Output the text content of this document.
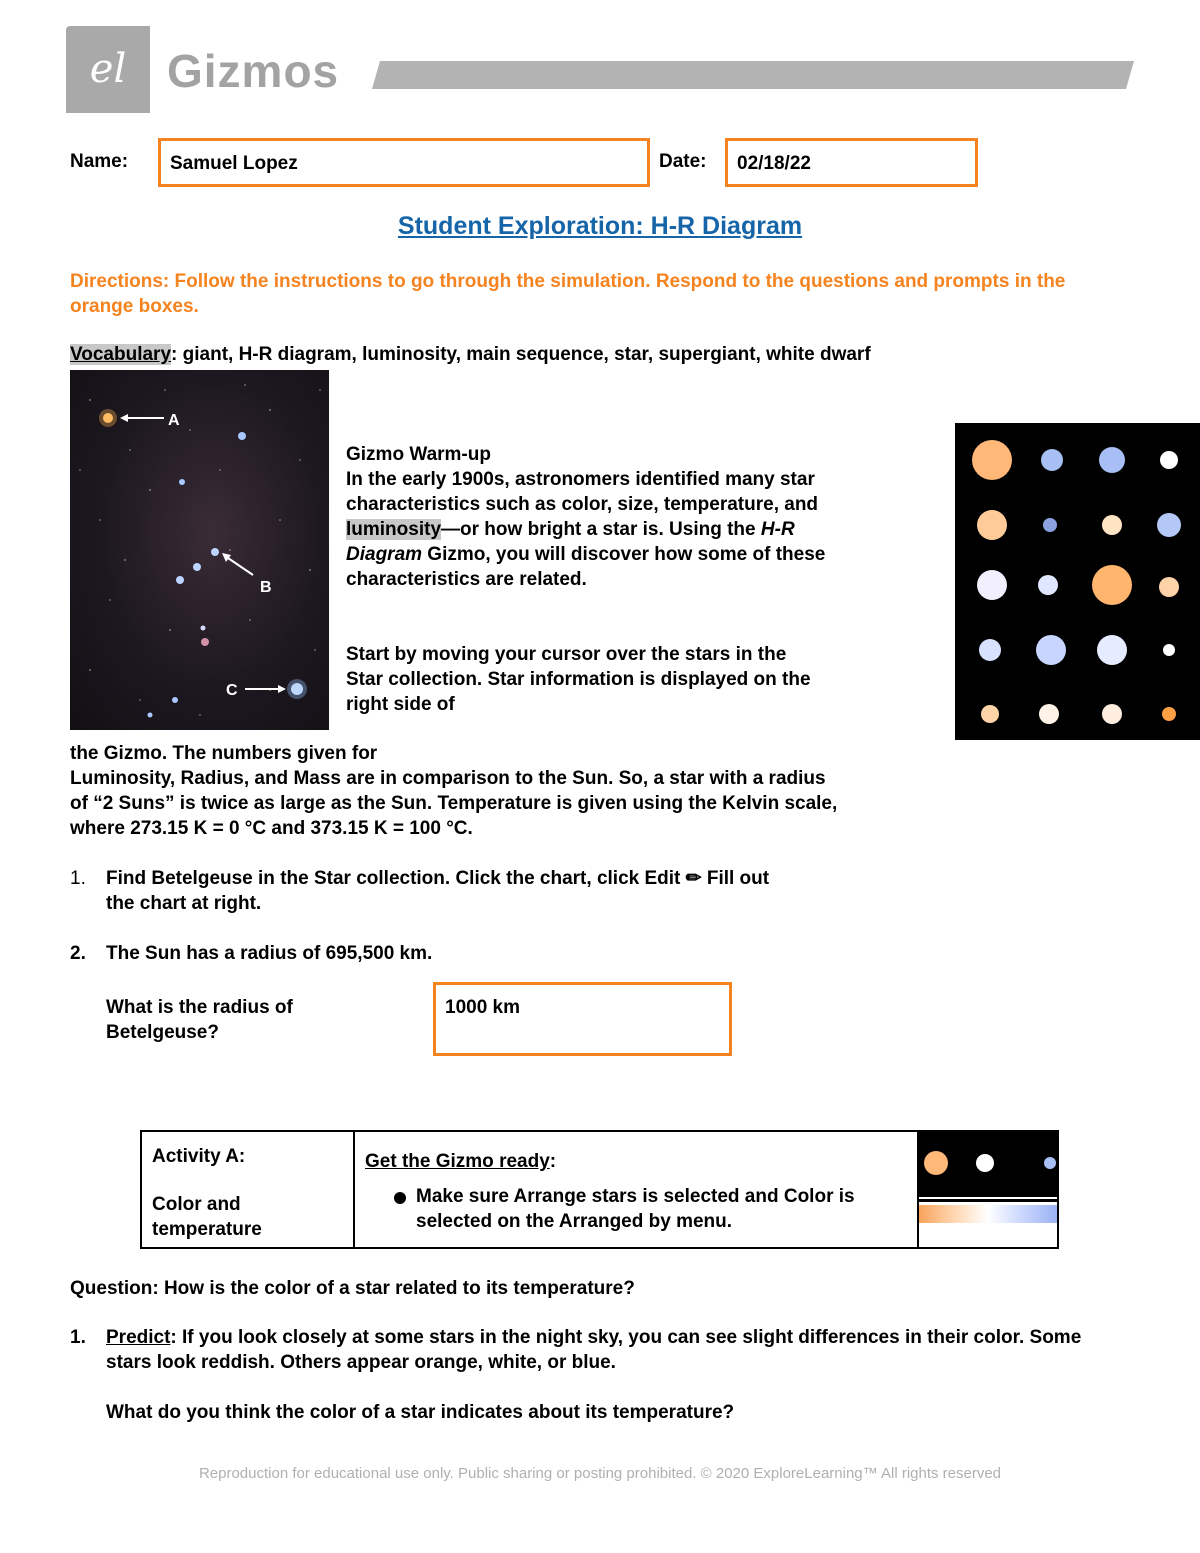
el Gizmos
Name: Samuel Lopez	Date: 02/18/22
Student Exploration: H-R Diagram
Directions: Follow the instructions to go through the simulation. Respond to the questions and prompts in the orange boxes.
Vocabulary: giant, H-R diagram, luminosity, main sequence, star, supergiant, white dwarf
A
B
C
Gizmo Warm-up
In the early 1900s, astronomers identified many star characteristics such as color, size, temperature, and luminosity—or how bright a star is. Using the H-R Diagram Gizmo, you will discover how some of these characteristics are related.
Start by moving your cursor over the stars in the Star collection. Star information is displayed on the right side of
the Gizmo. The numbers given for
Luminosity, Radius, and Mass are in comparison to the Sun. So, a star with a radius of “2 Suns” is twice as large as the Sun. Temperature is given using the Kelvin scale, where 273.15 K = 0 °C and 373.15 K = 100 °C.
1. Find Betelgeuse in the Star collection. Click the chart, click Edit ✏ Fill out the chart at right.
2. The Sun has a radius of 695,500 km.
What is the radius of Betelgeuse?
1000 km
Activity A:
Color and temperature
Get the Gizmo ready:
Make sure Arrange stars is selected and Color is selected on the Arranged by menu.
Question: How is the color of a star related to its temperature?
1. Predict: If you look closely at some stars in the night sky, you can see slight differences in their color. Some stars look reddish. Others appear orange, white, or blue.
What do you think the color of a star indicates about its temperature?
Reproduction for educational use only. Public sharing or posting prohibited. © 2020 ExploreLearning™ All rights reserved
